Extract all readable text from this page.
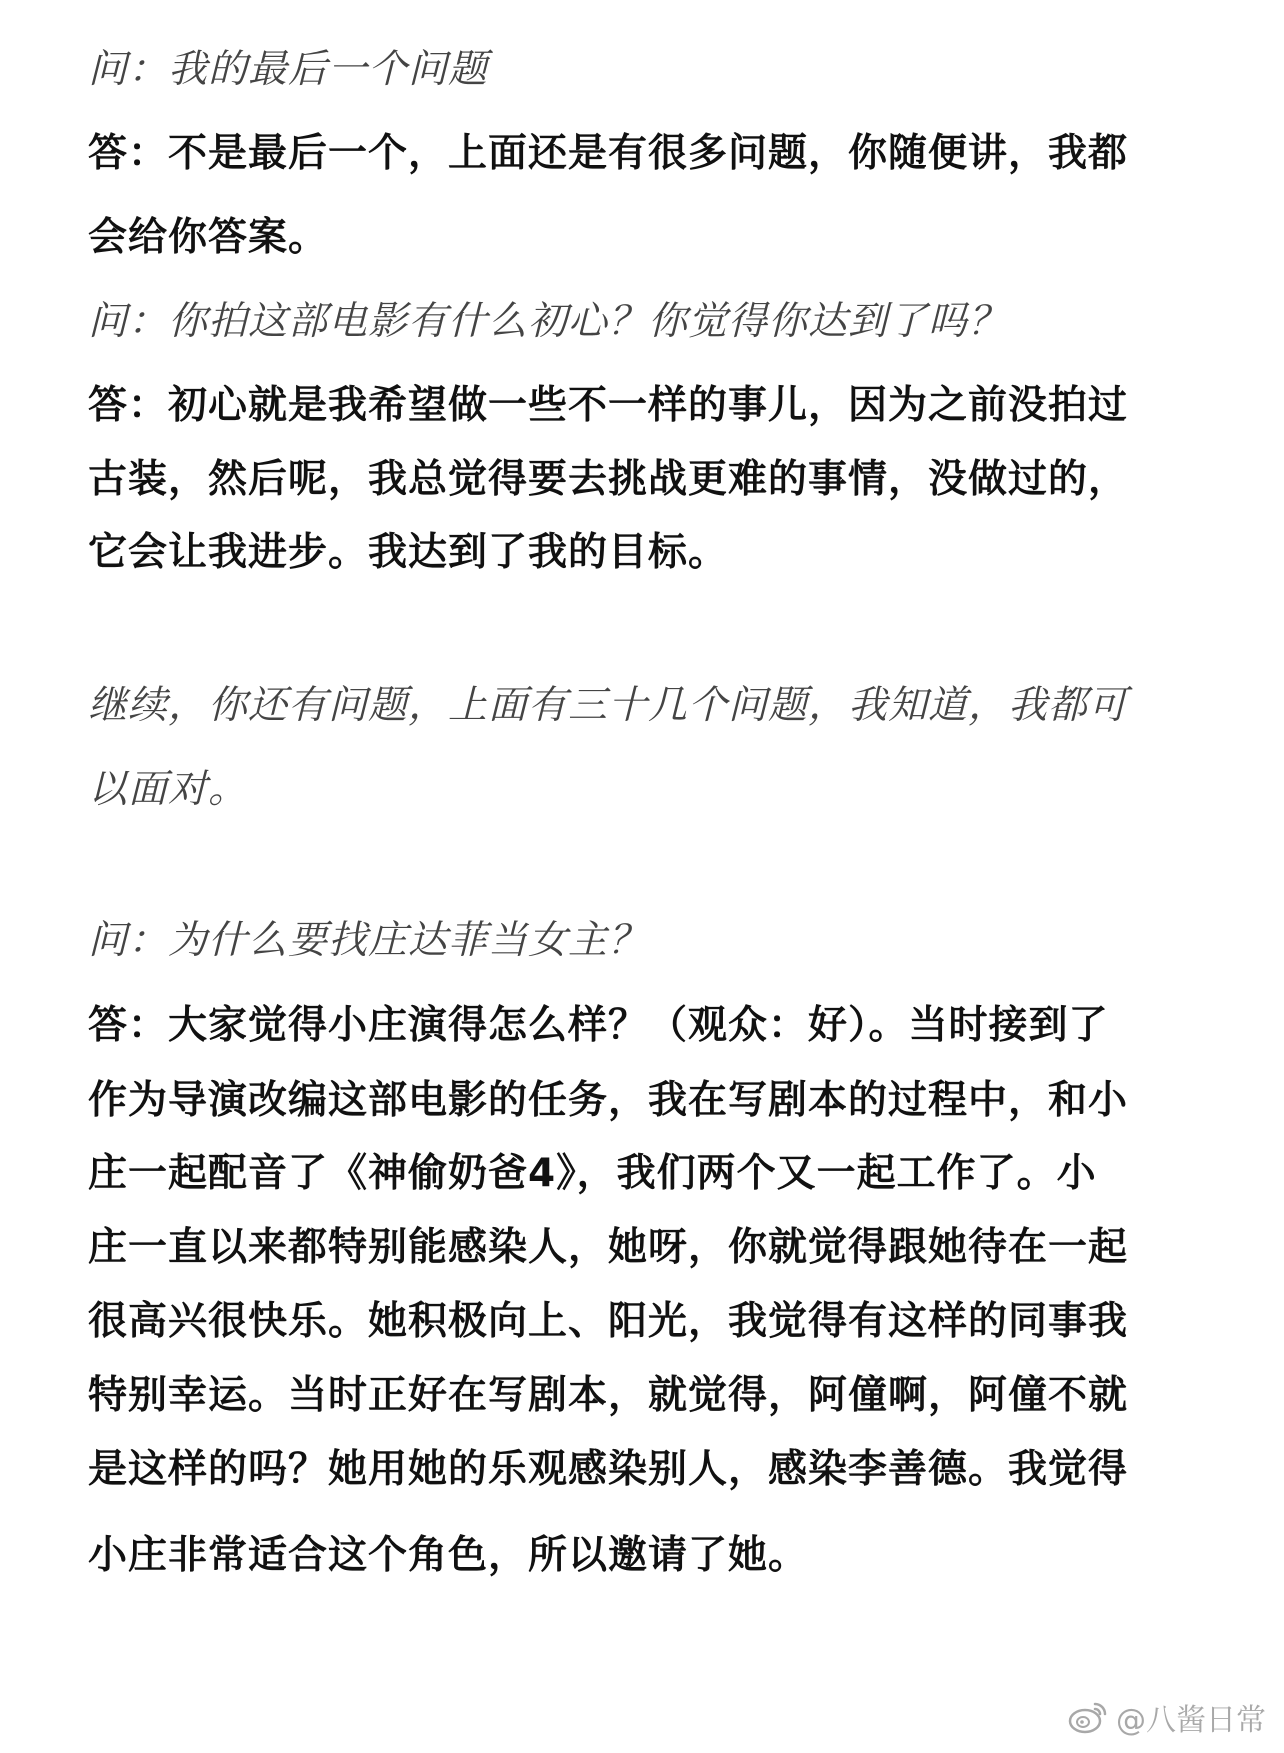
问：我的最后一个问题
答：不是最后一个，上面还是有很多问题，你随便讲，我都
会给你答案。
问：你拍这部电影有什么初心？你觉得你达到了吗？
答：初心就是我希望做一些不一样的事儿，因为之前没拍过
古装，然后呢，我总觉得要去挑战更难的事情，没做过的，
它会让我进步。我达到了我的目标。
继续，你还有问题，上面有三十几个问题，我知道，我都可
以面对。
问：为什么要找庄达菲当女主？
答：大家觉得小庄演得怎么样？（观众：好）。当时接到了
作为导演改编这部电影的任务，我在写剧本的过程中，和小
庄一起配音了《神偷奶爸4》，我们两个又一起工作了。小
庄一直以来都特别能感染人，她呀，你就觉得跟她待在一起
很高兴很快乐。她积极向上、阳光，我觉得有这样的同事我
特别幸运。当时正好在写剧本，就觉得，阿僮啊，阿僮不就
是这样的吗？她用她的乐观感染别人，感染李善德。我觉得
小庄非常适合这个角色，所以邀请了她。
@八酱日常
